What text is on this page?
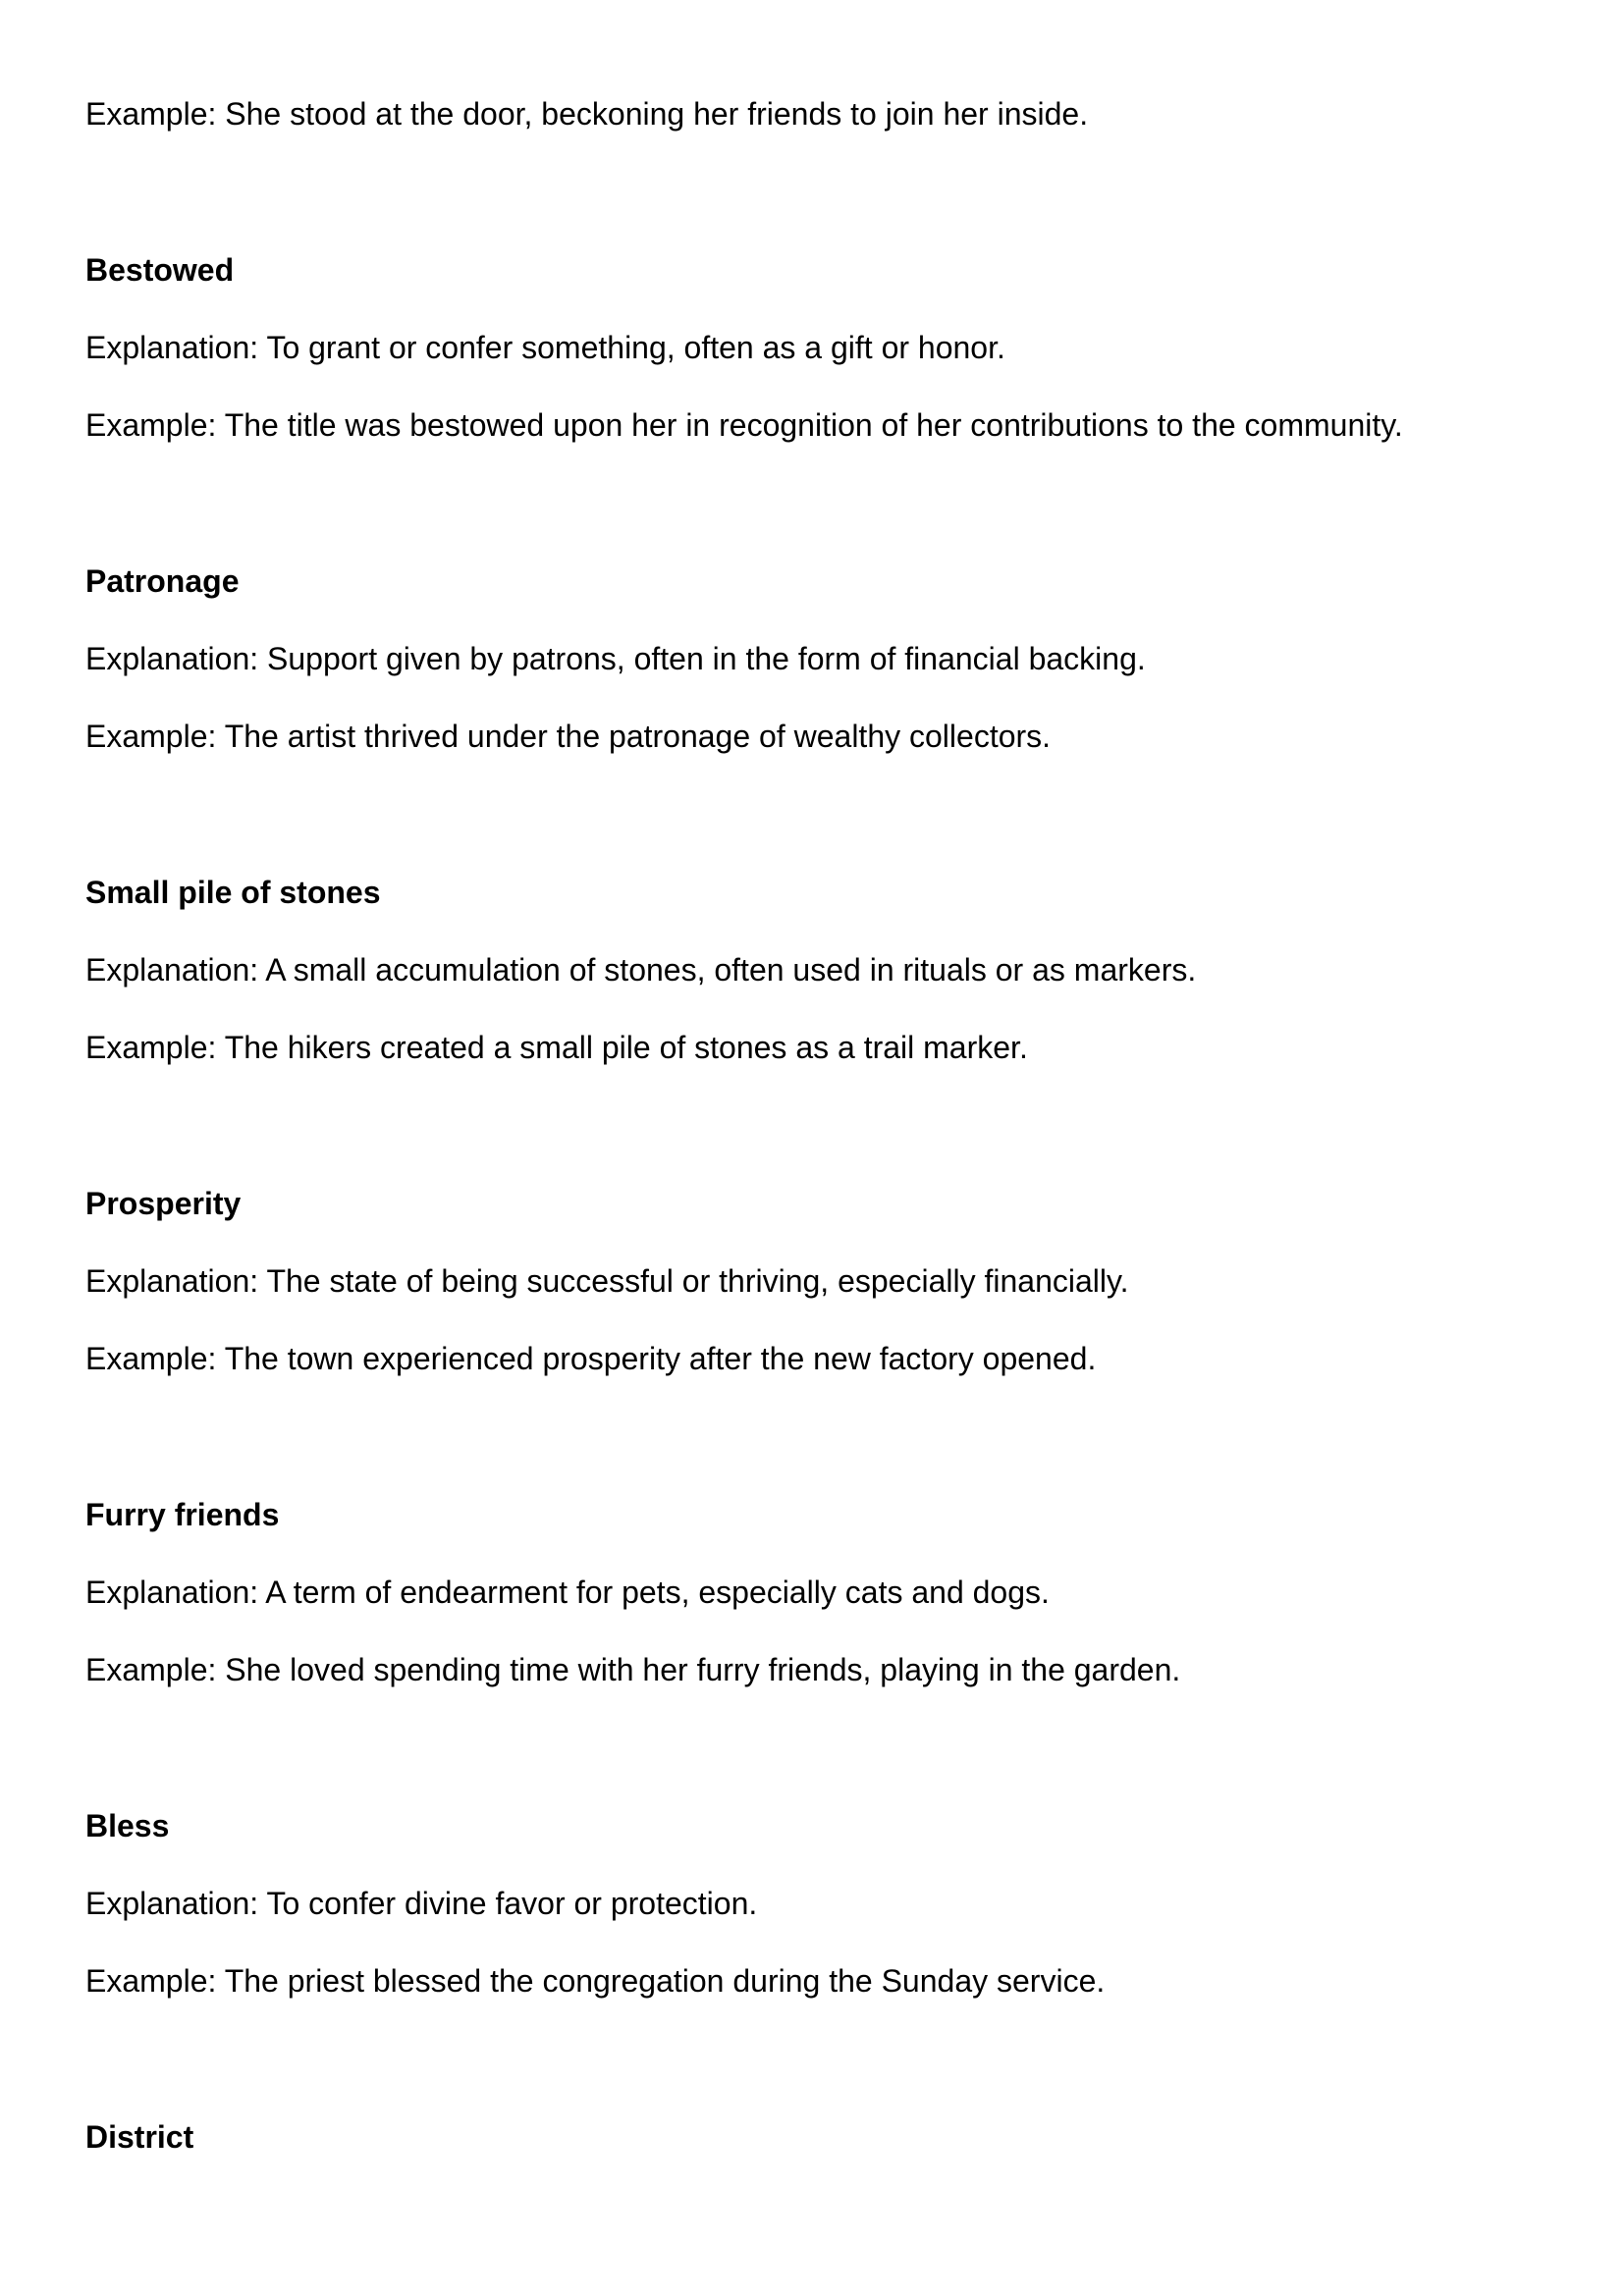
Example: She stood at the door, beckoning her friends to join her inside.
Bestowed
Explanation: To grant or confer something, often as a gift or honor.
Example: The title was bestowed upon her in recognition of her contributions to the community.
Patronage
Explanation: Support given by patrons, often in the form of financial backing.
Example: The artist thrived under the patronage of wealthy collectors.
Small pile of stones
Explanation: A small accumulation of stones, often used in rituals or as markers.
Example: The hikers created a small pile of stones as a trail marker.
Prosperity
Explanation: The state of being successful or thriving, especially financially.
Example: The town experienced prosperity after the new factory opened.
Furry friends
Explanation: A term of endearment for pets, especially cats and dogs.
Example: She loved spending time with her furry friends, playing in the garden.
Bless
Explanation: To confer divine favor or protection.
Example: The priest blessed the congregation during the Sunday service.
District
